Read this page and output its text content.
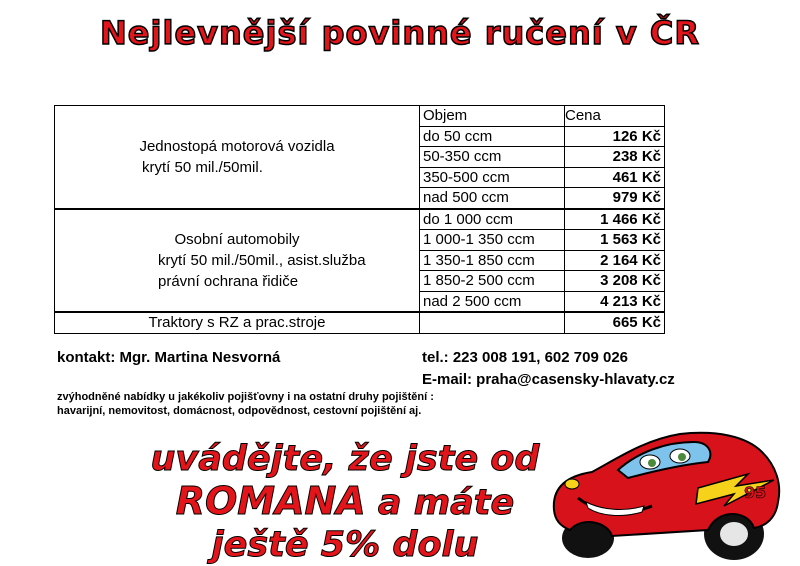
Nejlevnější povinné ručení v ČR
Jednostopá motorová vozidla
krytí 50 mil./50mil.	Objem	Cena
	do 50 ccm	126 Kč
	50-350 ccm	238 Kč
	350-500 ccm	461 Kč
	nad 500 ccm	979 Kč

Osobní automobily
krytí 50 mil./50mil., asist.služba
právní ochrana řidiče	do 1 000 ccm	1 466 Kč
	1 000-1 350 ccm	1 563 Kč
	1 350-1 850 ccm	2 164 Kč
	1 850-2 500 ccm	3 208 Kč
	nad 2 500 ccm	4 213 Kč
Traktory s RZ a prac.stroje		665 Kč
kontakt: Mgr. Martina Nesvorná	tel.: 223 008 191, 602 709 026
E-mail: praha@casensky-hlavaty.cz
zvýhodněné nabídky u jakékoliv pojišťovny i na ostatní druhy pojištění :
havarijní, nemovitost, domácnost, odpovědnost, cestovní pojištění aj.
uvádějte, že jste od
ROMANA a máte
ještě 5% dolu
95
